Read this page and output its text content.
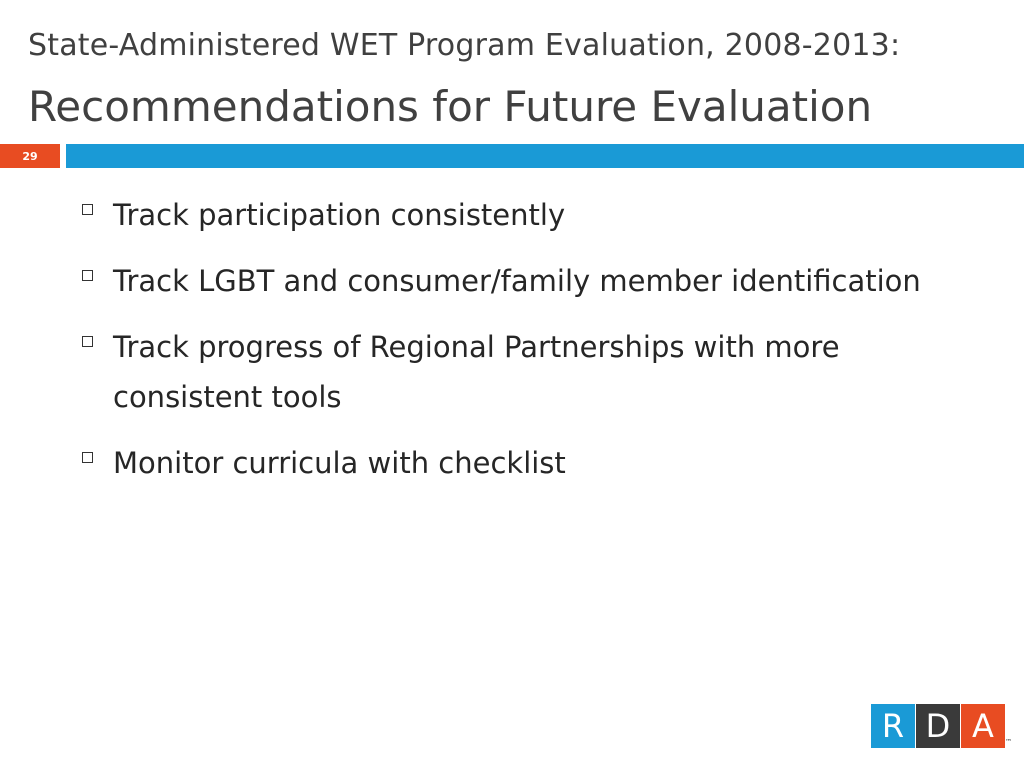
State-Administered WET Program Evaluation, 2008-2013:
Recommendations for Future Evaluation
29
Track participation consistently
Track LGBT and consumer/family member identification
Track progress of Regional Partnerships with more consistent tools
Monitor curricula with checklist
R D A	™
